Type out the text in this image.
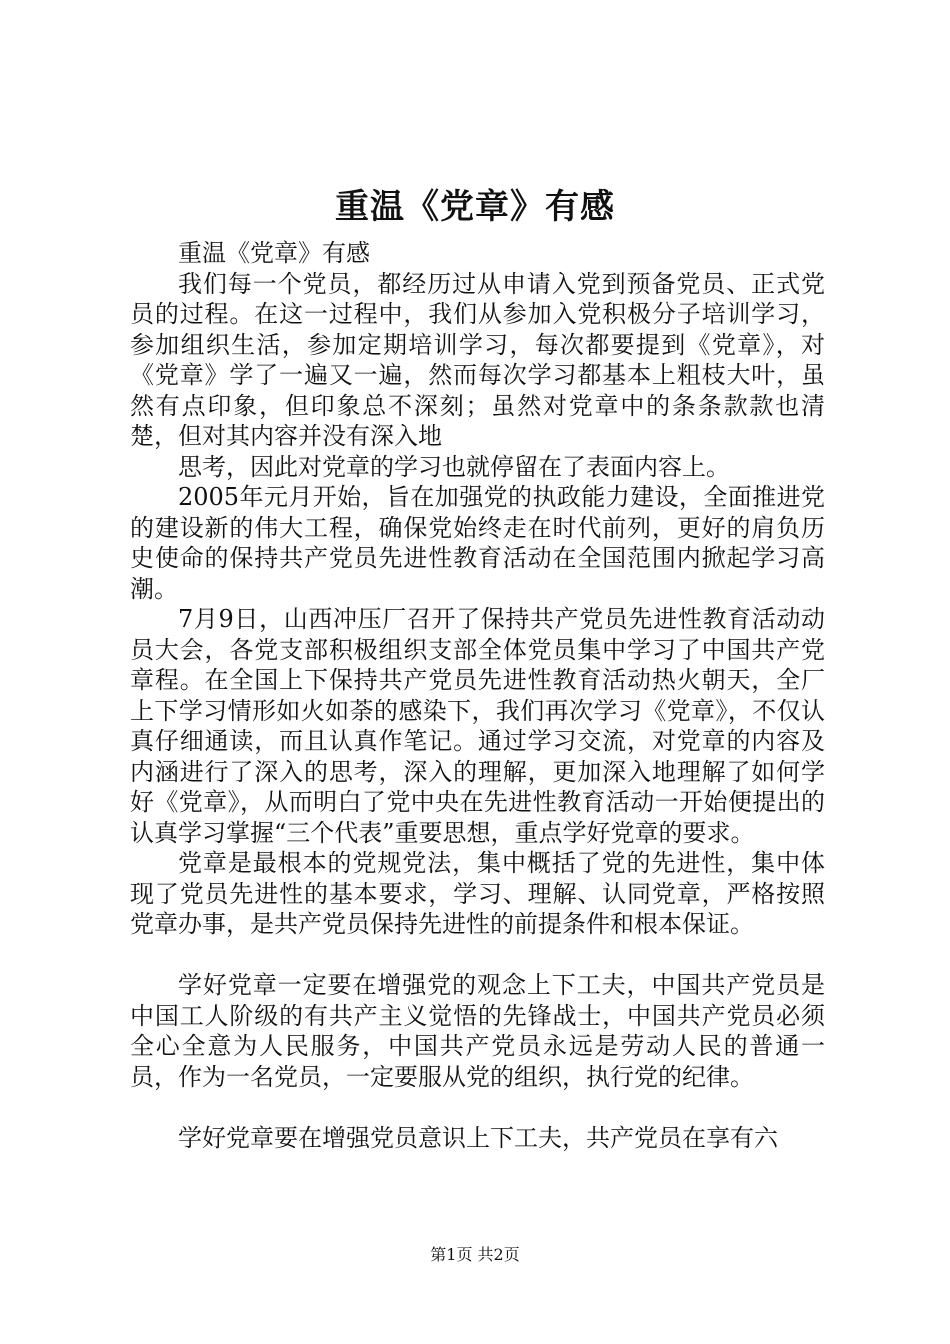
重温《党章》有感

重温《党章》有感

我们每一个党员，都经历过从申请入党到预备党员、正式党员的过程。在这一过程中，我们从参加入党积极分子培训学习，参加组织生活，参加定期培训学习，每次都要提到《党章》，对《党章》学了一遍又一遍，然而每次学习都基本上粗枝大叶，虽然有点印象，但印象总不深刻；虽然对党章中的条条款款也清楚，但对其内容并没有深入地

思考，因此对党章的学习也就停留在了表面内容上。

2005年元月开始，旨在加强党的执政能力建设，全面推进党的建设新的伟大工程，确保党始终走在时代前列，更好的肩负历史使命的保持共产党员先进性教育活动在全国范围内掀起学习高潮。

7月9日，山西冲压厂召开了保持共产党员先进性教育活动动员大会，各党支部积极组织支部全体党员集中学习了中国共产党章程。在全国上下保持共产党员先进性教育活动热火朝天，全厂上下学习情形如火如荼的感染下，我们再次学习《党章》，不仅认真仔细通读，而且认真作笔记。通过学习交流，对党章的内容及内涵进行了深入的思考，深入的理解，更加深入地理解了如何学好《党章》，从而明白了党中央在先进性教育活动一开始便提出的认真学习掌握“三个代表”重要思想，重点学好党章的要求。

党章是最根本的党规党法，集中概括了党的先进性，集中体现了党员先进性的基本要求，学习、理解、认同党章，严格按照党章办事，是共产党员保持先进性的前提条件和根本保证。

学好党章一定要在增强党的观念上下工夫，中国共产党员是中国工人阶级的有共产主义觉悟的先锋战士，中国共产党员必须全心全意为人民服务，中国共产党员永远是劳动人民的普通一员，作为一名党员，一定要服从党的组织，执行党的纪律。

学好党章要在增强党员意识上下工夫，共产党员在享有六

第1页 共2页
